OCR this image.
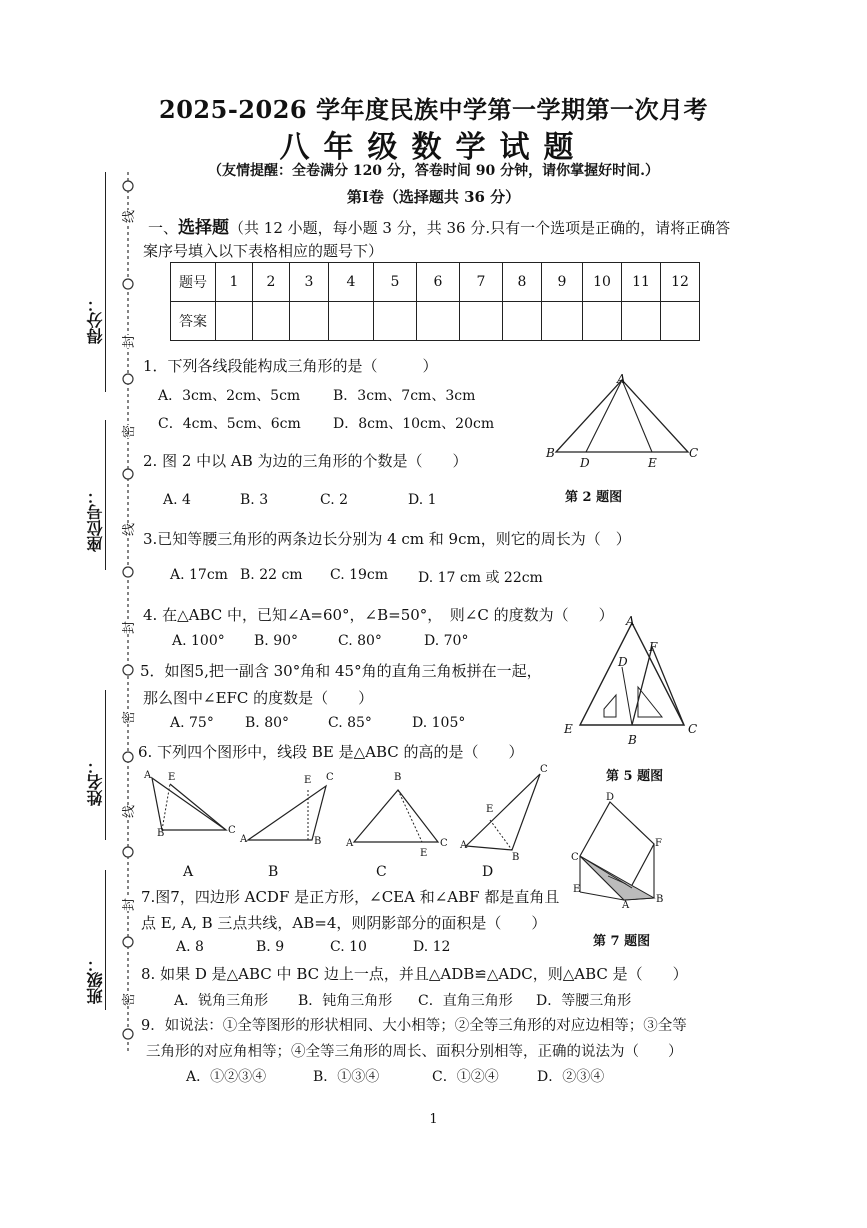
2025-2026 学年度民族中学第一学期第一次月考
八年级数学试题
（友情提醒：全卷满分 120 分，答卷时间 90 分钟，请你掌握好时间.）
第Ⅰ卷（选择题共 36 分）
线
封
密
线
封
密
线
封
密
得分：
座位号：
姓名：
班级：
一、选择题（共 12 小题，每小题 3 分，共 36 分.只有一个选项是正确的，请将正确答
案序号填入以下表格相应的题号下）
题号	1	2	3	4	5	6	7	8	9	10	11	12
答案												
1．下列各线段能构成三角形的是（　　　）
A．3cm、2cm、5cm B．3cm、7cm、3cm
C．4cm、5cm、6cm D．8cm、10cm、20cm
2. 图 2 中以 AB 为边的三角形的个数是（　　）
A. 4	B. 3	C. 2	D. 1
A
B
D	E
C
第 2 题图
3.已知等腰三角形的两条边长分别为 4 cm 和 9cm，则它的周长为（　）
A. 17cm B. 22 cm C. 19cm D. 17 cm 或 22cm
4. 在△ABC 中，已知∠A=60°，∠B=50°，　则∠C 的度数为（　　）
A. 100° B. 90°	C. 80°	D. 70°
5．如图5,把一副含 30°角和 45°角的直角三角板拼在一起，
那么图中∠EFC 的度数是（　　）
A. 75° B. 80°	C. 85°	D. 105°
A
F
D
E
B
C
第 5 题图
6. 下列四个图形中，线段 BE 是△ABC 的高的是（　　）
A E
B	C
E C
A	B
B
A	C
E
C
E
A
B
A	B	C	D
D
C
F
E
A
B
第 7 题图
7.图7，四边形 ACDF 是正方形，∠CEA 和∠ABF 都是直角且
点 E, A, B 三点共线，AB=4，则阴影部分的面积是（　　）
A. 8	B. 9	C. 10	D. 12
8. 如果 D 是△ABC 中 BC 边上一点，并且△ADB≌△ADC，则△ABC 是（　　）
A．锐角三角形 B．钝角三角形 C．直角三角形 D．等腰三角形
9．如说法：①全等图形的形状相同、大小相等；②全等三角形的对应边相等；③全等
三角形的对应角相等；④全等三角形的周长、面积分别相等，正确的说法为（　　）
A．①②③④	B．①③④	C．①②④	D．②③④
1
